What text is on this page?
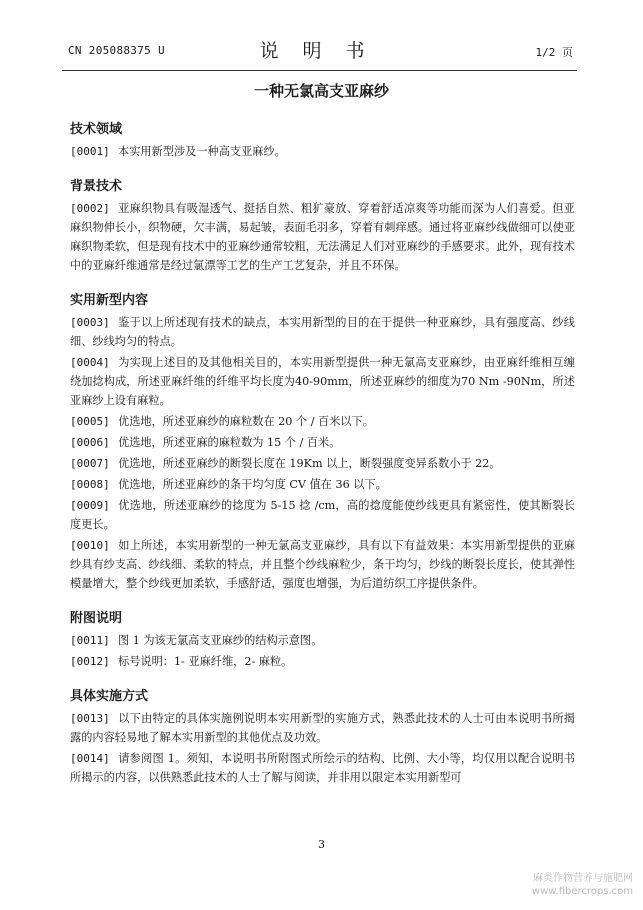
CN 205088375 U	说 明 书	1/2 页
一种无氯高支亚麻纱
技术领域
[0001] 本实用新型涉及一种高支亚麻纱。
背景技术
[0002] 亚麻织物具有吸湿透气、挺括自然、粗犷豪放、穿着舒适凉爽等功能而深为人们喜爱。但亚麻织物伸长小，织物硬，欠丰满，易起皱，表面毛羽多，穿着有刺痒感。通过将亚麻纱线做细可以使亚麻织物柔软，但是现有技术中的亚麻纱通常较粗，无法满足人们对亚麻纱的手感要求。此外，现有技术中的亚麻纤维通常是经过氯漂等工艺的生产工艺复杂，并且不环保。
实用新型内容
[0003] 鉴于以上所述现有技术的缺点，本实用新型的目的在于提供一种亚麻纱，具有强度高、纱线细、纱线均匀的特点。
[0004] 为实现上述目的及其他相关目的，本实用新型提供一种无氯高支亚麻纱，由亚麻纤维相互缠绕加捻构成，所述亚麻纤维的纤维平均长度为40-90mm，所述亚麻纱的细度为70 Nm -90Nm，所述亚麻纱上设有麻粒。
[0005] 优选地，所述亚麻纱的麻粒数在 20 个 / 百米以下。
[0006] 优选地，所述亚麻的麻粒数为 15 个 / 百米。
[0007] 优选地，所述亚麻纱的断裂长度在 19Km 以上，断裂强度变异系数小于 22。
[0008] 优选地，所述亚麻纱的条干均匀度 CV 值在 36 以下。
[0009] 优选地，所述亚麻纱的捻度为 5-15 捻 /cm，高的捻度能使纱线更具有紧密性，使其断裂长度更长。
[0010] 如上所述，本实用新型的一种无氯高支亚麻纱，具有以下有益效果：本实用新型提供的亚麻纱具有纱支高、纱线细、柔软的特点，并且整个纱线麻粒少，条干均匀，纱线的断裂长度长，使其弹性模量增大，整个纱线更加柔软，手感舒适，强度也增强，为后道纺织工序提供条件。
附图说明
[0011] 图 1 为该无氯高支亚麻纱的结构示意图。
[0012] 标号说明：1- 亚麻纤维，2- 麻粒。
具体实施方式
[0013] 以下由特定的具体实施例说明本实用新型的实施方式，熟悉此技术的人士可由本说明书所揭露的内容轻易地了解本实用新型的其他优点及功效。
[0014] 请参阅图 1。须知，本说明书所附图式所绘示的结构、比例、大小等，均仅用以配合说明书所揭示的内容，以供熟悉此技术的人士了解与阅读，并非用以限定本实用新型可
3
麻类作物营养与施肥网
www.fibercrops.com
